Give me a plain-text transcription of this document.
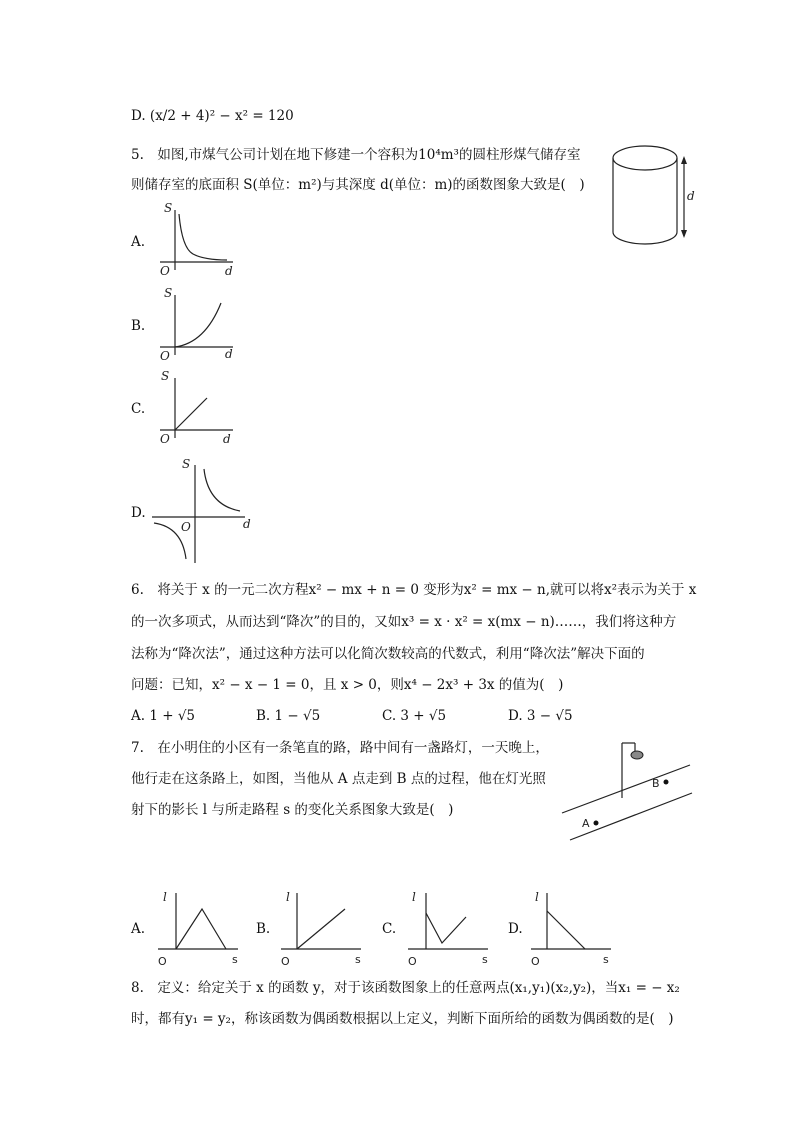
D. (x/2 + 4)² − x² = 120
5.　如图,市煤气公司计划在地下修建一个容积为10⁴m³的圆柱形煤气储存室
则储存室的底面积 S(单位：m²)与其深度 d(单位：m)的函数图象大致是(　)
d
A.
S
d
O
B.
S
d
O
C.
S
d
O
D.
S
d
O
6.　将关于 x 的一元二次方程x² − mx + n = 0 变形为x² = mx − n,就可以将x²表示为关于 x
的一次多项式，从而达到“降次”的目的，又如x³ = x · x² = x(mx − n)……，我们将这种方
法称为“降次法”，通过这种方法可以化简次数较高的代数式，利用“降次法”解决下面的
问题：已知，x² − x − 1 = 0，且 x > 0，则x⁴ − 2x³ + 3x 的值为(　)
A. 1 + √5	B. 1 − √5	C. 3 + √5	D. 3 − √5
7.　在小明住的小区有一条笔直的路，路中间有一盏路灯，一天晚上，
他行走在这条路上，如图，当他从 A 点走到 B 点的过程，他在灯光照
射下的影长 l 与所走路程 s 的变化关系图象大致是(　)
B
A
A.
l
s
O
B.
l
s
O
C.
l
s
O
D.
l
s
O
8.　定义：给定关于 x 的函数 y，对于该函数图象上的任意两点(x₁,y₁)(x₂,y₂)，当x₁ = − x₂
时，都有y₁ = y₂，称该函数为偶函数根据以上定义，判断下面所给的函数为偶函数的是(　)
